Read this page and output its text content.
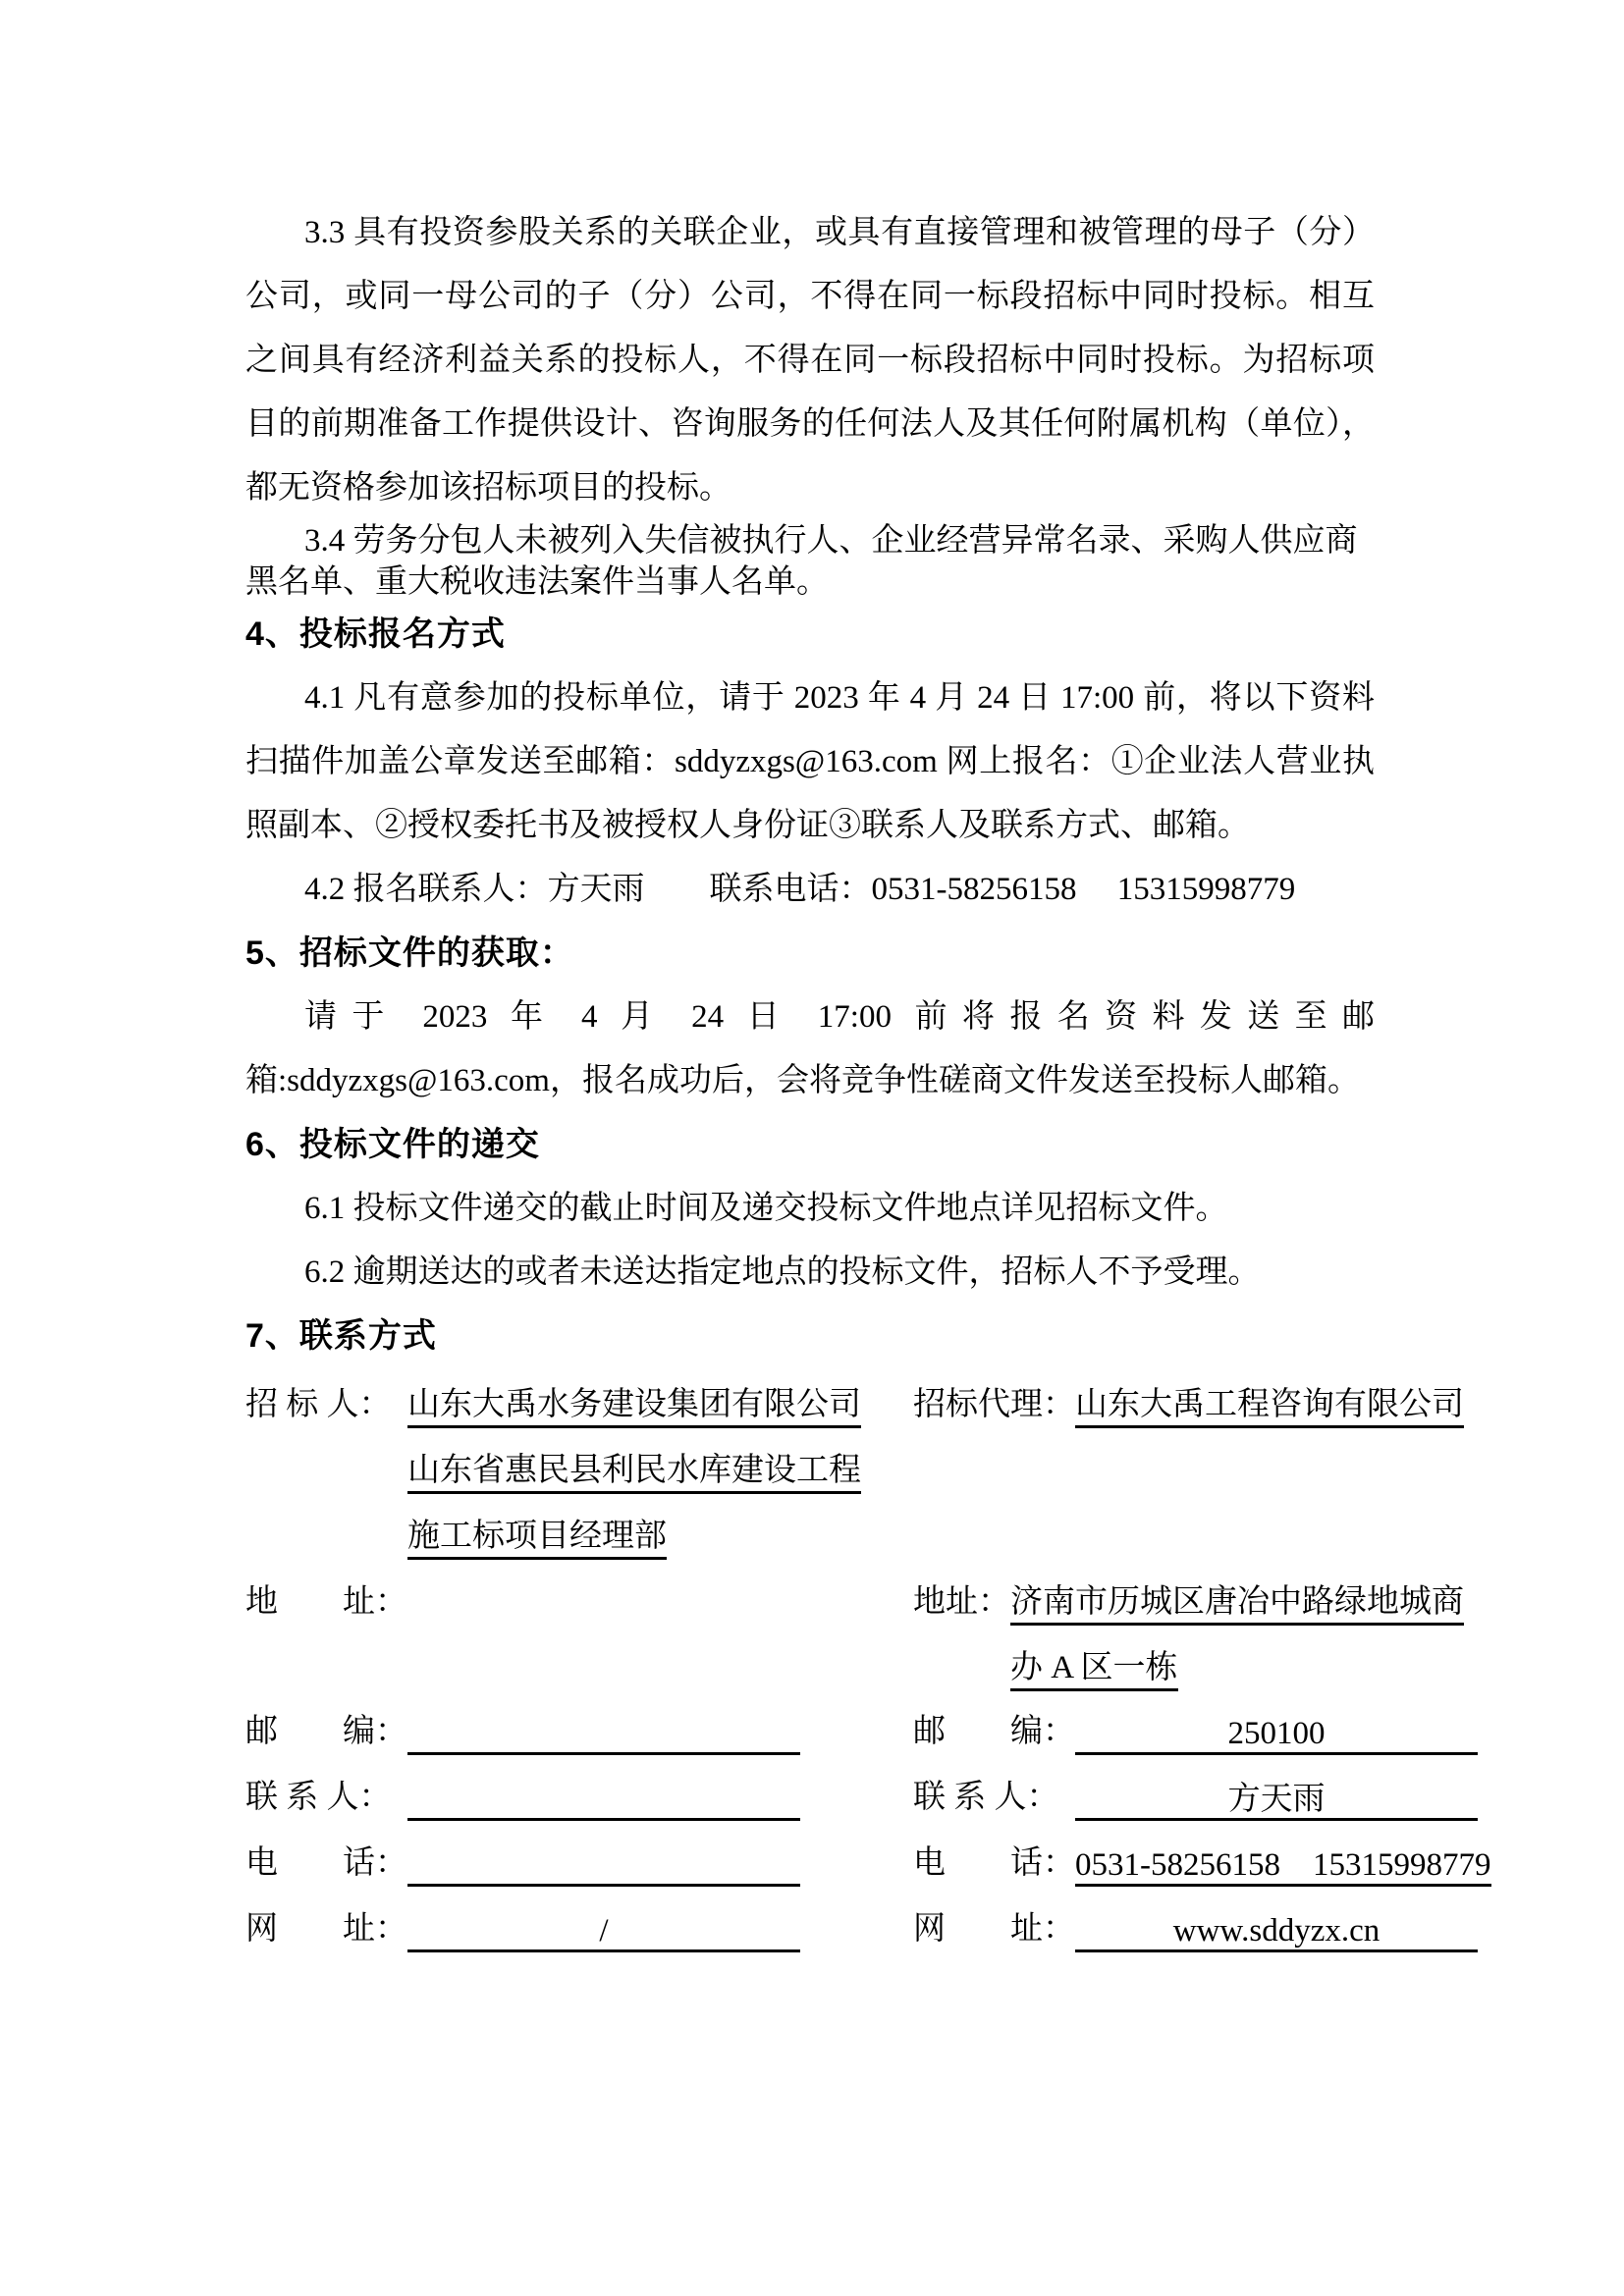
3.3 具有投资参股关系的关联企业，或具有直接管理和被管理的母子（分）公司，或同一母公司的子（分）公司，不得在同一标段招标中同时投标。相互之间具有经济利益关系的投标人，不得在同一标段招标中同时投标。为招标项目的前期准备工作提供设计、咨询服务的任何法人及其任何附属机构（单位），都无资格参加该招标项目的投标。

3.4 劳务分包人未被列入失信被执行人、企业经营异常名录、采购人供应商
黑名单、重大税收违法案件当事人名单。

4、投标报名方式

4.1 凡有意参加的投标单位，请于 2023 年 4 月 24 日 17:00 前，将以下资料扫描件加盖公章发送至邮箱：sddyzxgs@163.com 网上报名：①企业法人营业执照副本、②授权委托书及被授权人身份证③联系人及联系方式、邮箱。

4.2 报名联系人：方天雨　　联系电话：0531-58256158　 15315998779

5、招标文件的获取：

请于 2023 年 4 月 24 日 17:00 前将报名资料发送至邮箱:sddyzxgs@163.com，报名成功后，会将竞争性磋商文件发送至投标人邮箱。

6、投标文件的递交

6.1 投标文件递交的截止时间及递交投标文件地点详见招标文件。

6.2 逾期送达的或者未送达指定地点的投标文件，招标人不予受理。

7、联系方式
招 标 人： 山东大禹水务建设集团有限公司	招标代理：山东大禹工程咨询有限公司
山东省惠民县利民水库建设工程
施工标项目经理部
地　　址：	地址：济南市历城区唐冶中路绿地城商
办 A 区一栋
邮　　编：	邮　　编：	250100
联 系 人：	联 系 人：	方天雨
电　　话：	电　　话：0531-58256158　15315998779
网　　址：	/	网　　址：	www.sddyzx.cn
